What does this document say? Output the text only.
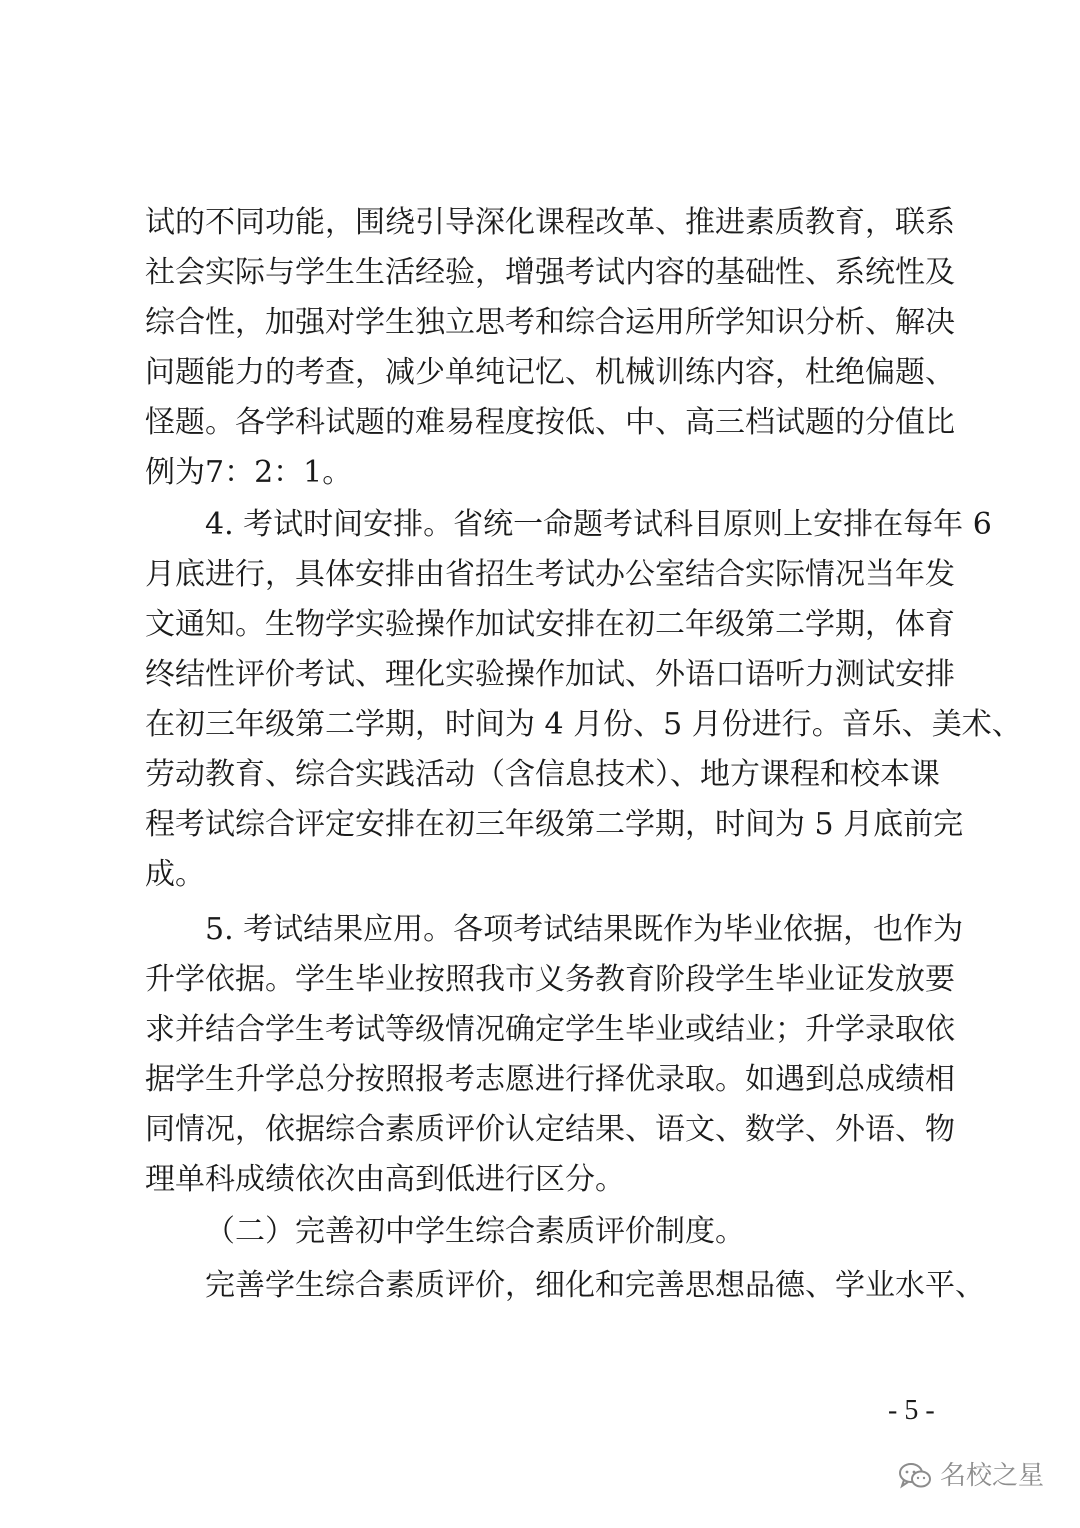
试的不同功能，围绕引导深化课程改革、推进素质教育，联系
社会实际与学生生活经验，增强考试内容的基础性、系统性及
综合性，加强对学生独立思考和综合运用所学知识分析、解决
问题能力的考查，减少单纯记忆、机械训练内容，杜绝偏题、
怪题。各学科试题的难易程度按低、中、高三档试题的分值比
例为7：2：1。
4. 考试时间安排。省统一命题考试科目原则上安排在每年 6
月底进行，具体安排由省招生考试办公室结合实际情况当年发
文通知。生物学实验操作加试安排在初二年级第二学期，体育
终结性评价考试、理化实验操作加试、外语口语听力测试安排
在初三年级第二学期，时间为 4 月份、5 月份进行。音乐、美术、
劳动教育、综合实践活动（含信息技术）、地方课程和校本课
程考试综合评定安排在初三年级第二学期，时间为 5 月底前完
成。
5. 考试结果应用。各项考试结果既作为毕业依据，也作为
升学依据。学生毕业按照我市义务教育阶段学生毕业证发放要
求并结合学生考试等级情况确定学生毕业或结业；升学录取依
据学生升学总分按照报考志愿进行择优录取。如遇到总成绩相
同情况，依据综合素质评价认定结果、语文、数学、外语、物
理单科成绩依次由高到低进行区分。
（二）完善初中学生综合素质评价制度。
完善学生综合素质评价，细化和完善思想品德、学业水平、
- 5 -
名校之星
